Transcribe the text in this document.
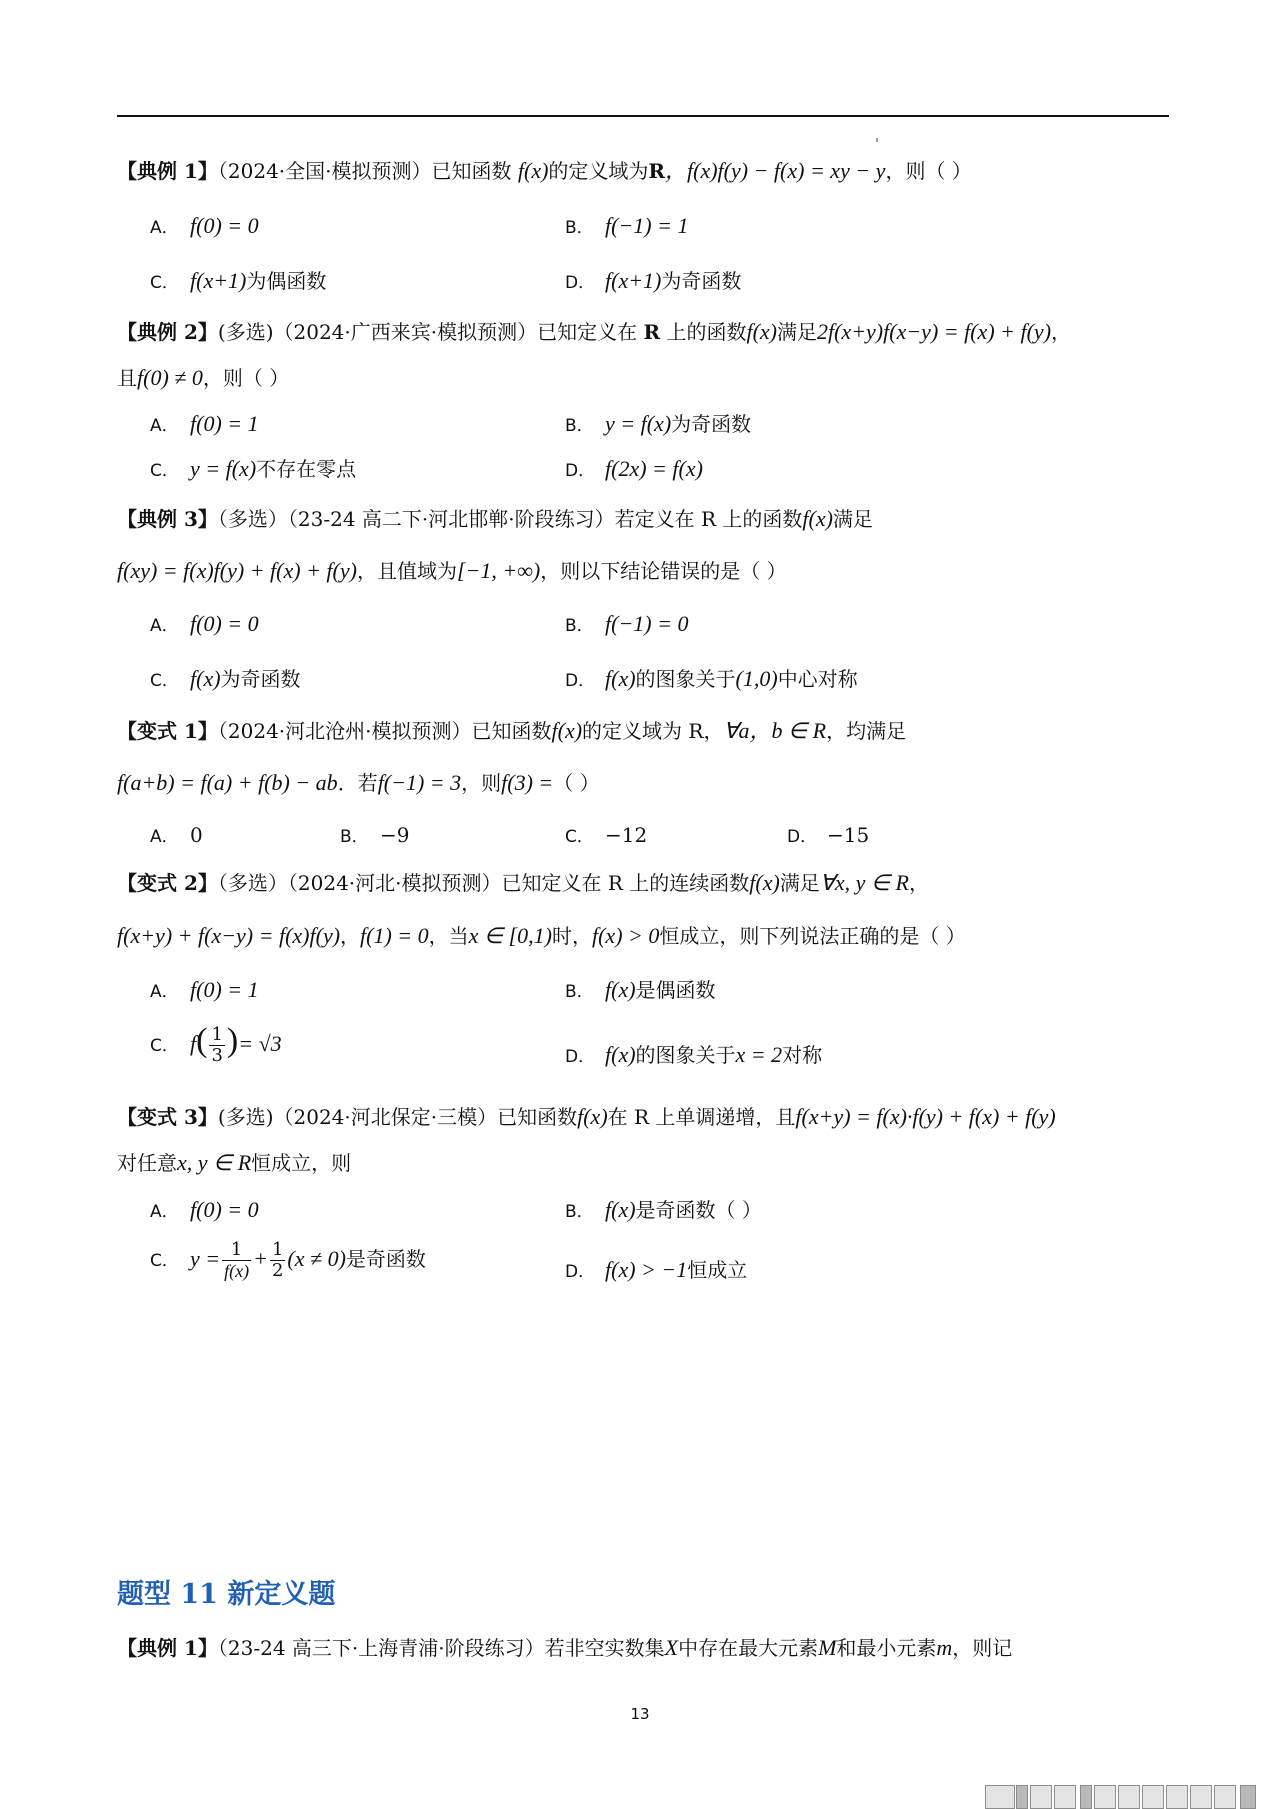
【典例 1】（2024·全国·模拟预测）已知函数 f(x)的定义域为R，f(x)f(y) − f(x) = xy − y，则（ ）
A． f(0) = 0	B． f(−1) = 1
C． f(x+1)为偶函数	D． f(x+1)为奇函数
【典例 2】(多选)（2024·广西来宾·模拟预测）已知定义在 R 上的函数f(x)满足2f(x+y)f(x−y) = f(x) + f(y)，
且f(0) ≠ 0，则（ ）
A． f(0) = 1	B． y = f(x)为奇函数
C． y = f(x)不存在零点	D． f(2x) = f(x)
【典例 3】（多选）（23-24 高二下·河北邯郸·阶段练习）若定义在 R 上的函数f(x)满足
f(xy) = f(x)f(y) + f(x) + f(y)，且值域为[−1, +∞)，则以下结论错误的是（ ）
A． f(0) = 0	B． f(−1) = 0
C． f(x)为奇函数	D． f(x)的图象关于(1,0)中心对称
【变式 1】（2024·河北沧州·模拟预测）已知函数f(x)的定义域为 R，∀a，b ∈ R，均满足
f(a+b) = f(a) + f(b) − ab．若f(−1) = 3，则f(3) =（ ）
A． 0	B． −9	C． −12	D． −15
【变式 2】（多选）（2024·河北·模拟预测）已知定义在 R 上的连续函数f(x)满足∀x, y ∈ R，
f(x+y) + f(x−y) = f(x)f(y)，f(1) = 0，当x ∈ [0,1)时，f(x) > 0恒成立，则下列说法正确的是（ ）
A． f(0) = 1	B． f(x)是偶函数
C． $f( \frac{1}{3}$ )= √3
D． f(x)的图象关于x = 2对称
【变式 3】(多选)（2024·河北保定·三模）已知函数f(x)在 R 上单调递增，且f(x+y) = f(x)·f(y) + f(x) + f(y)
对任意x, y ∈ R恒成立，则
A． f(0) = 0	B． f(x)是奇函数（ ）
C． $y = \frac{1}{f(x)} + \frac{1}{2} (x \ne 0)$是奇函数
D． f(x) > −1恒成立
题型 11 新定义题
【典例 1】（23-24 高三下·上海青浦·阶段练习）若非空实数集X中存在最大元素M和最小元素m，则记
13
